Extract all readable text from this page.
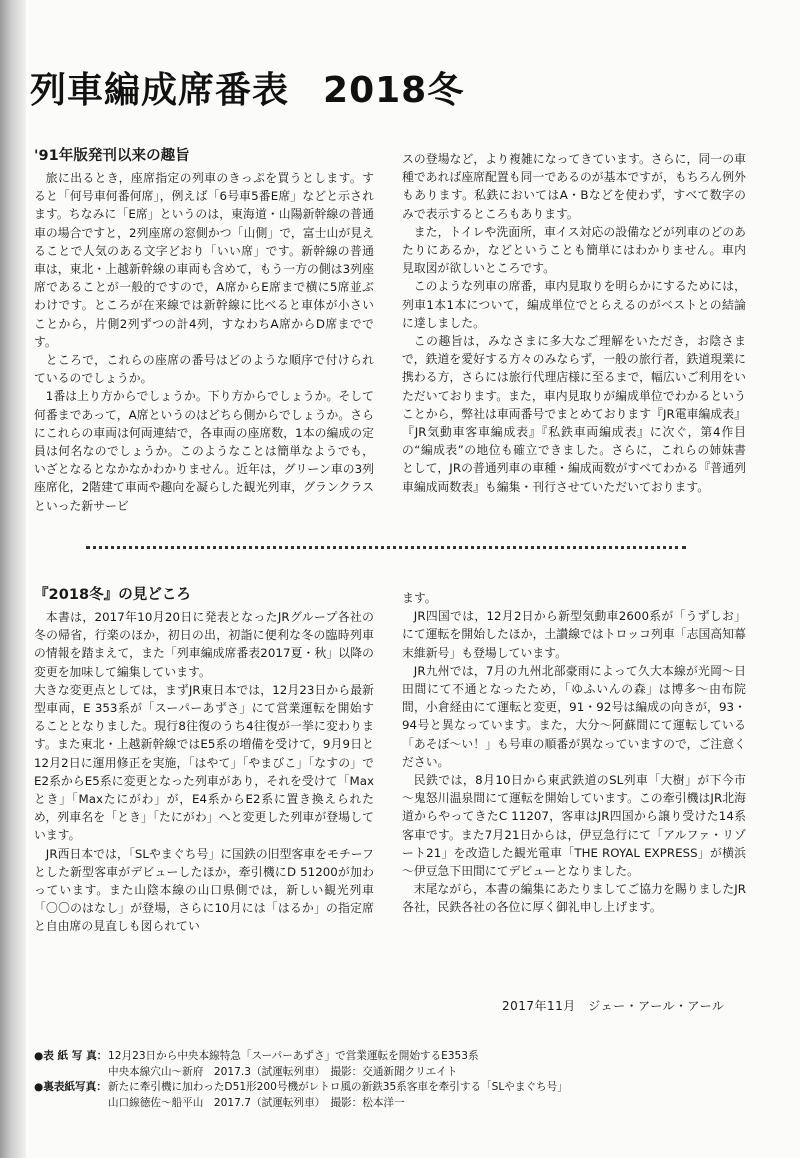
列車編成席番表 2018冬
'91年版発刊以来の趣旨

旅に出るとき，座席指定の列車のきっぷを買うとします。すると「何号車何番何席」，例えば「6号車5番E席」などと示されます。ちなみに「E席」というのは，東海道・山陽新幹線の普通車の場合ですと，2列座席の窓側かつ「山側」で，富士山が見えることで人気のある文字どおり「いい席」です。新幹線の普通車は，東北・上越新幹線の車両も含めて，もう一方の側は3列座席であることが一般的ですので，A席からE席まで横に5席並ぶわけです。ところが在来線では新幹線に比べると車体が小さいことから，片側2列ずつの計4列，すなわちA席からD席までです。

ところで，これらの座席の番号はどのような順序で付けられているのでしょうか。

1番は上り方からでしょうか。下り方からでしょうか。そして何番まであって，A席というのはどちら側からでしょうか。さらにこれらの車両は何両連結で，各車両の座席数，1本の編成の定員は何名なのでしょうか。このようなことは簡単なようでも，いざとなるとなかなかわかりません。近年は，グリーン車の3列座席化，2階建て車両や趣向を凝らした観光列車，グランクラスといった新サービ

スの登場など，より複雑になってきています。さらに，同一の車種であれば座席配置も同一であるのが基本ですが，もちろん例外もあります。私鉄においてはA・Bなどを使わず，すべて数字のみで表示するところもあります。

また，トイレや洗面所，車イス対応の設備などが列車のどのあたりにあるか，などということも簡単にはわかりません。車内見取図が欲しいところです。

このような列車の席番，車内見取りを明らかにするためには，列車1本1本について，編成単位でとらえるのがベストとの結論に達しました。

この趣旨は，みなさまに多大なご理解をいただき，お陰さまで，鉄道を愛好する方々のみならず，一般の旅行者，鉄道現業に携わる方，さらには旅行代理店様に至るまで，幅広いご利用をいただいております。また，車内見取りが編成単位でわかるということから，弊社は車両番号でまとめております『JR電車編成表』『JR気動車客車編成表』『私鉄車両編成表』に次ぐ，第4作目の“編成表”の地位も確立できました。さらに，これらの姉妹書として，JRの普通列車の車種・編成両数がすべてわかる『普通列車編成両数表』も編集・刊行させていただいております。

『2018冬』の見どころ

本書は，2017年10月20日に発表となったJRグループ各社の冬の帰省，行楽のほか，初日の出，初詣に便利な冬の臨時列車の情報を踏まえて，また「列車編成席番表2017夏・秋」以降の変更を加味して編集しています。

大きな変更点としては，まずJR東日本では，12月23日から最新型車両，E 353系が「スーパーあずさ」にて営業運転を開始することとなりました。現行8往復のうち4往復が一挙に変わります。また東北・上越新幹線ではE5系の増備を受けて，9月9日と12月2日に運用修正を実施，「はやて」「やまびこ」「なすの」でE2系からE5系に変更となった列車があり，それを受けて「Maxとき」「Maxたにがわ」が，E4系からE2系に置き換えられため，列車名を「とき」「たにがわ」へと変更した列車が登場しています。

JR西日本では，「SLやまぐち号」に国鉄の旧型客車をモチーフとした新型客車がデビューしたほか，牽引機にD 51200が加わっています。また山陰本線の山口県側では，新しい観光列車「〇〇のはなし」が登場，さらに10月には「はるか」の指定席と自由席の見直しも図られてい

ます。

JR四国では，12月2日から新型気動車2600系が「うずしお」にて運転を開始したほか，土讃線ではトロッコ列車「志国高知幕末維新号」も登場しています。

JR九州では，7月の九州北部豪雨によって久大本線が光岡～日田間にて不通となったため，「ゆふいんの森」は博多～由布院間，小倉経由にて運転と変更，91・92号は編成の向きが，93・94号と異なっています。また，大分～阿蘇間にて運転している「あそぼ～い！」も号車の順番が異なっていますので，ご注意ください。

民鉄では，8月10日から東武鉄道のSL列車「大樹」が下今市～鬼怒川温泉間にて運転を開始しています。この牽引機はJR北海道からやってきたC 11207，客車はJR四国から譲り受けた14系客車です。また7月21日からは，伊豆急行にて「アルファ・リゾート21」を改造した観光電車「THE ROYAL EXPRESS」が横浜～伊豆急下田間にてデビューとなりました。

末尾ながら，本書の編集にあたりましてご協力を賜りましたJR各社，民鉄各社の各位に厚く御礼申し上げます。

2017年11月　ジェー・アール・アール
●表 紙 写 真： 12月23日から中央本線特急「スーパーあずさ」で営業運転を開始するE353系
中央本線穴山～新府　2017.3（試運転列車）　撮影：交通新聞クリエイト
●裏表紙写真： 新たに牽引機に加わったD51形200号機がレトロ風の新鉄35系客車を牽引する「SLやまぐち号」
山口線徳佐～船平山　2017.7（試運転列車）　撮影：松本洋一
